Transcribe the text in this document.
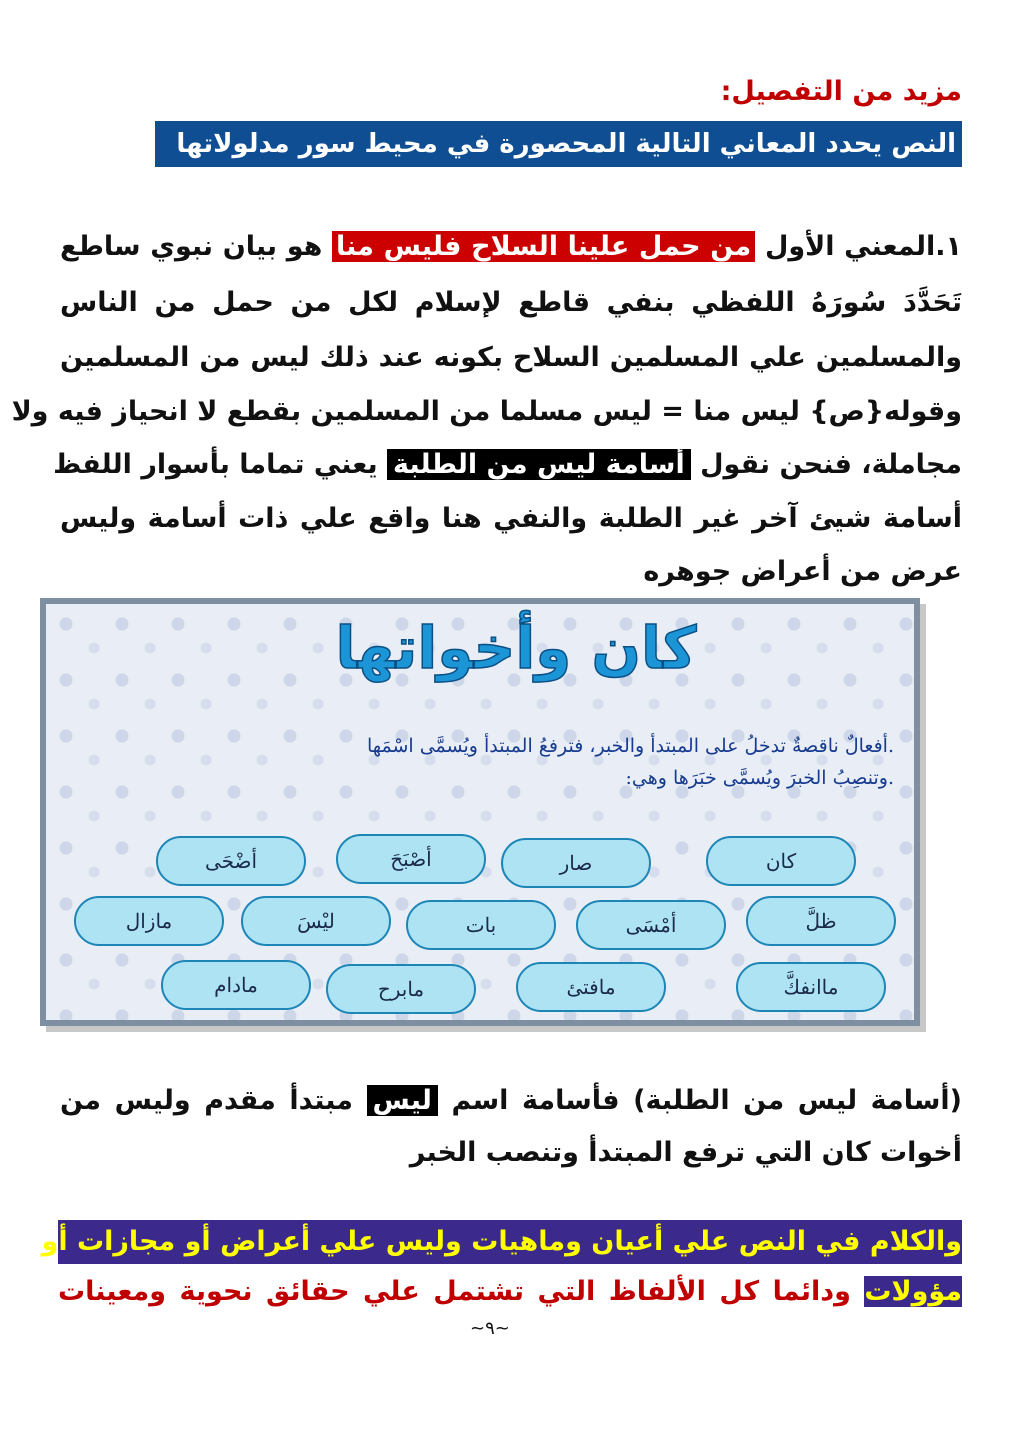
مزيد من التفصيل:
النص يحدد المعاني التالية المحصورة في محيط سور مدلولاتها
١.المعني الأول من حمل علينا السلاح فليس منا هو بيان نبوي ساطع
تَحَدَّدَ سُورَهُ اللفظي بنفي قاطع لإسلام لكل من حمل من الناس
والمسلمين علي المسلمين السلاح بكونه عند ذلك ليس من المسلمين
وقوله{ص} ليس منا = ليس مسلما من المسلمين بقطع لا انحياز فيه ولا
مجاملة، فنحن نقول أسامة ليس من الطلبة يعني تماما بأسوار اللفظ
أسامة شيئ آخر غير الطلبة والنفي هنا واقع علي ذات أسامة وليس
عرض من أعراض جوهره
كان وأخواتها
.أفعالٌ ناقصةٌ تدخلُ على المبتدأ والخبر، فترفعُ المبتدأ ويُسمَّى اسْمَها
.وتنصِبُ الخبرَ ويُسمَّى خبَرَها وهي:
كان
صار
أصْبَحَ
أضْحَى
ظلَّ
أمْسَى
بات
ليْسَ
مازال
ماانفكَّ
مافتئ
مابرح
مادام
(أسامة ليس من الطلبة) فأسامة اسم ليس مبتدأ مقدم وليس من
أخوات كان التي ترفع المبتدأ وتنصب الخبر
والكلام في النص علي أعيان وماهيات وليس علي أعراض أو مجازات أو
مؤولات ودائما كل الألفاظ التي تشتمل علي حقائق نحوية ومعينات
~٩~
